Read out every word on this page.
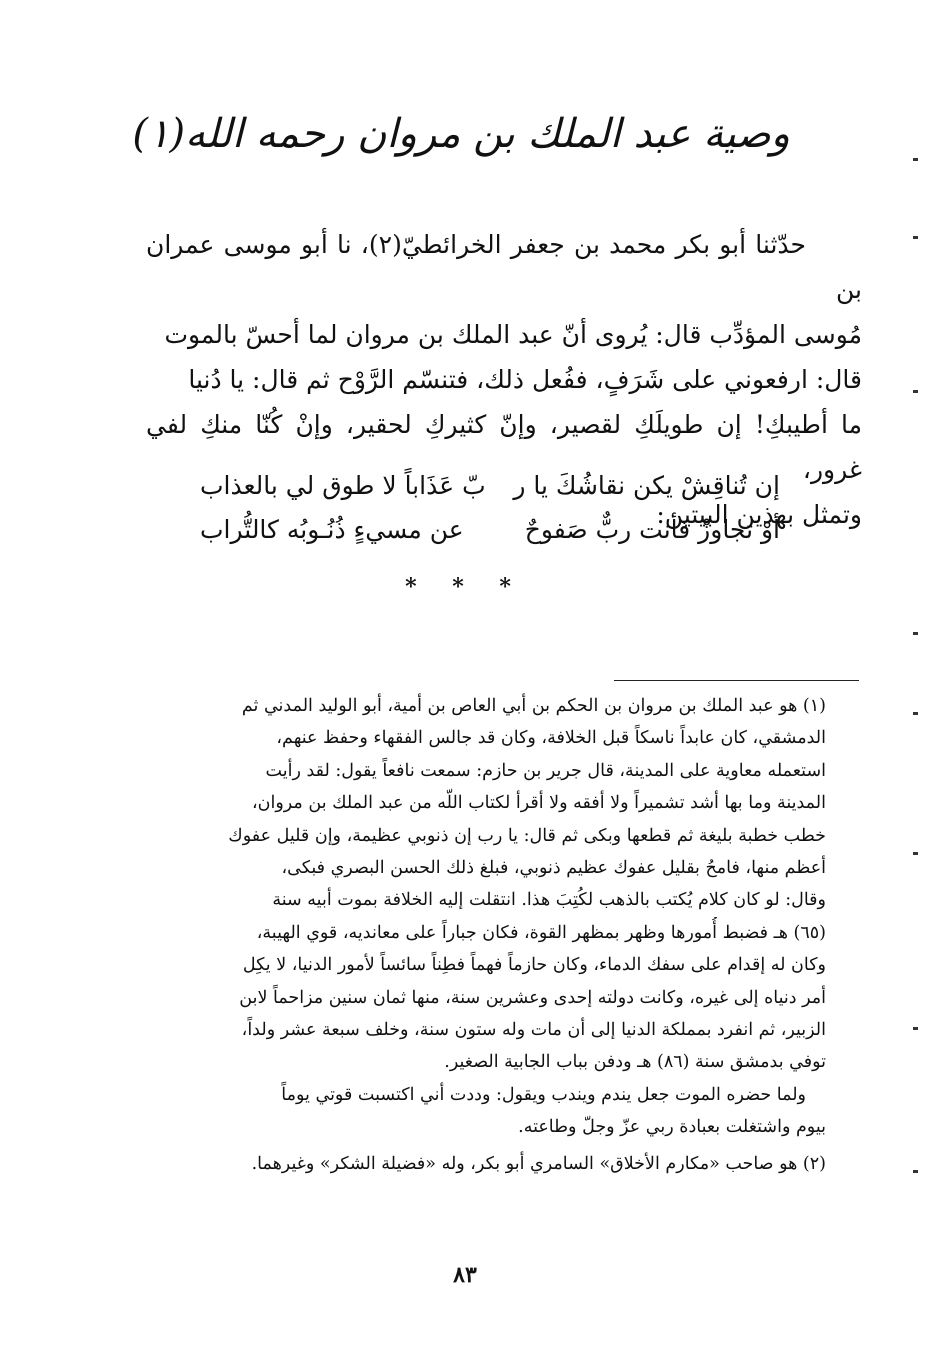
وصية عبد الملك بن مروان رحمه الله(١)
حدّثنا أبو بكر محمد بن جعفر الخرائطيّ(٢)، نا أبو موسى عمران بن
مُوسى المؤدِّب قال: يُروى أنّ عبد الملك بن مروان لما أحسّ بالموت
قال: ارفعوني على شَرَفٍ، ففُعل ذلك، فتنسّم الرَّوْح ثم قال: يا دُنيا
ما أطيبكِ! إن طويلَكِ لقصير، وإنّ كثيركِ لحقير، وإنْ كُنّا منكِ لفي غرور،
وتمثل بهذين البيتين:
إن تُناقِشْ يكن نقاشُكَ يا ر
بّ عَذَاباً لا طوق لي بالعذاب
أوْ تجاوزْ فأنت ربٌّ صَفوحٌ
عن مسيءٍ ذُنُـوبُه كالتُّراب
* * *
(١) هو عبد الملك بن مروان بن الحكم بن أبي العاص بن أمية، أبو الوليد المدني ثم
الدمشقي، كان عابداً ناسكاً قبل الخلافة، وكان قد جالس الفقهاء وحفظ عنهم،
استعمله معاوية على المدينة، قال جرير بن حازم: سمعت نافعاً يقول: لقد رأيت
المدينة وما بها أشد تشميراً ولا أفقه ولا أقرأ لكتاب اللّه من عبد الملك بن مروان،
خطب خطبة بليغة ثم قطعها وبكى ثم قال: يا رب إن ذنوبي عظيمة، وإن قليل عفوك
أعظم منها، فامحُ بقليل عفوك عظيم ذنوبي، فبلغ ذلك الحسن البصري فبكى،
وقال: لو كان كلام يُكتب بالذهب لكُتِبَ هذا. انتقلت إليه الخلافة بموت أبيه سنة
(٦٥) هـ فضبط أُمورها وظهر بمظهر القوة، فكان جباراً على معانديه، قوي الهيبة،
وكان له إقدام على سفك الدماء، وكان حازماً فهماً فطِناً سائساً لأمور الدنيا، لا يكِل
أمر دنياه إلى غيره، وكانت دولته إحدى وعشرين سنة، منها ثمان سنين مزاحماً لابن
الزبير، ثم انفرد بمملكة الدنيا إلى أن مات وله ستون سنة، وخلف سبعة عشر ولداً،
توفي بدمشق سنة (٨٦) هـ ودفن بباب الجابية الصغير.
ولما حضره الموت جعل يندم ويندب ويقول: وددت أني اكتسبت قوتي يوماً
بيوم واشتغلت بعبادة ربي عزّ وجلّ وطاعته.
(٢) هو صاحب «مكارم الأخلاق» السامري أبو بكر، وله «فضيلة الشكر» وغيرهما.
٨٣
